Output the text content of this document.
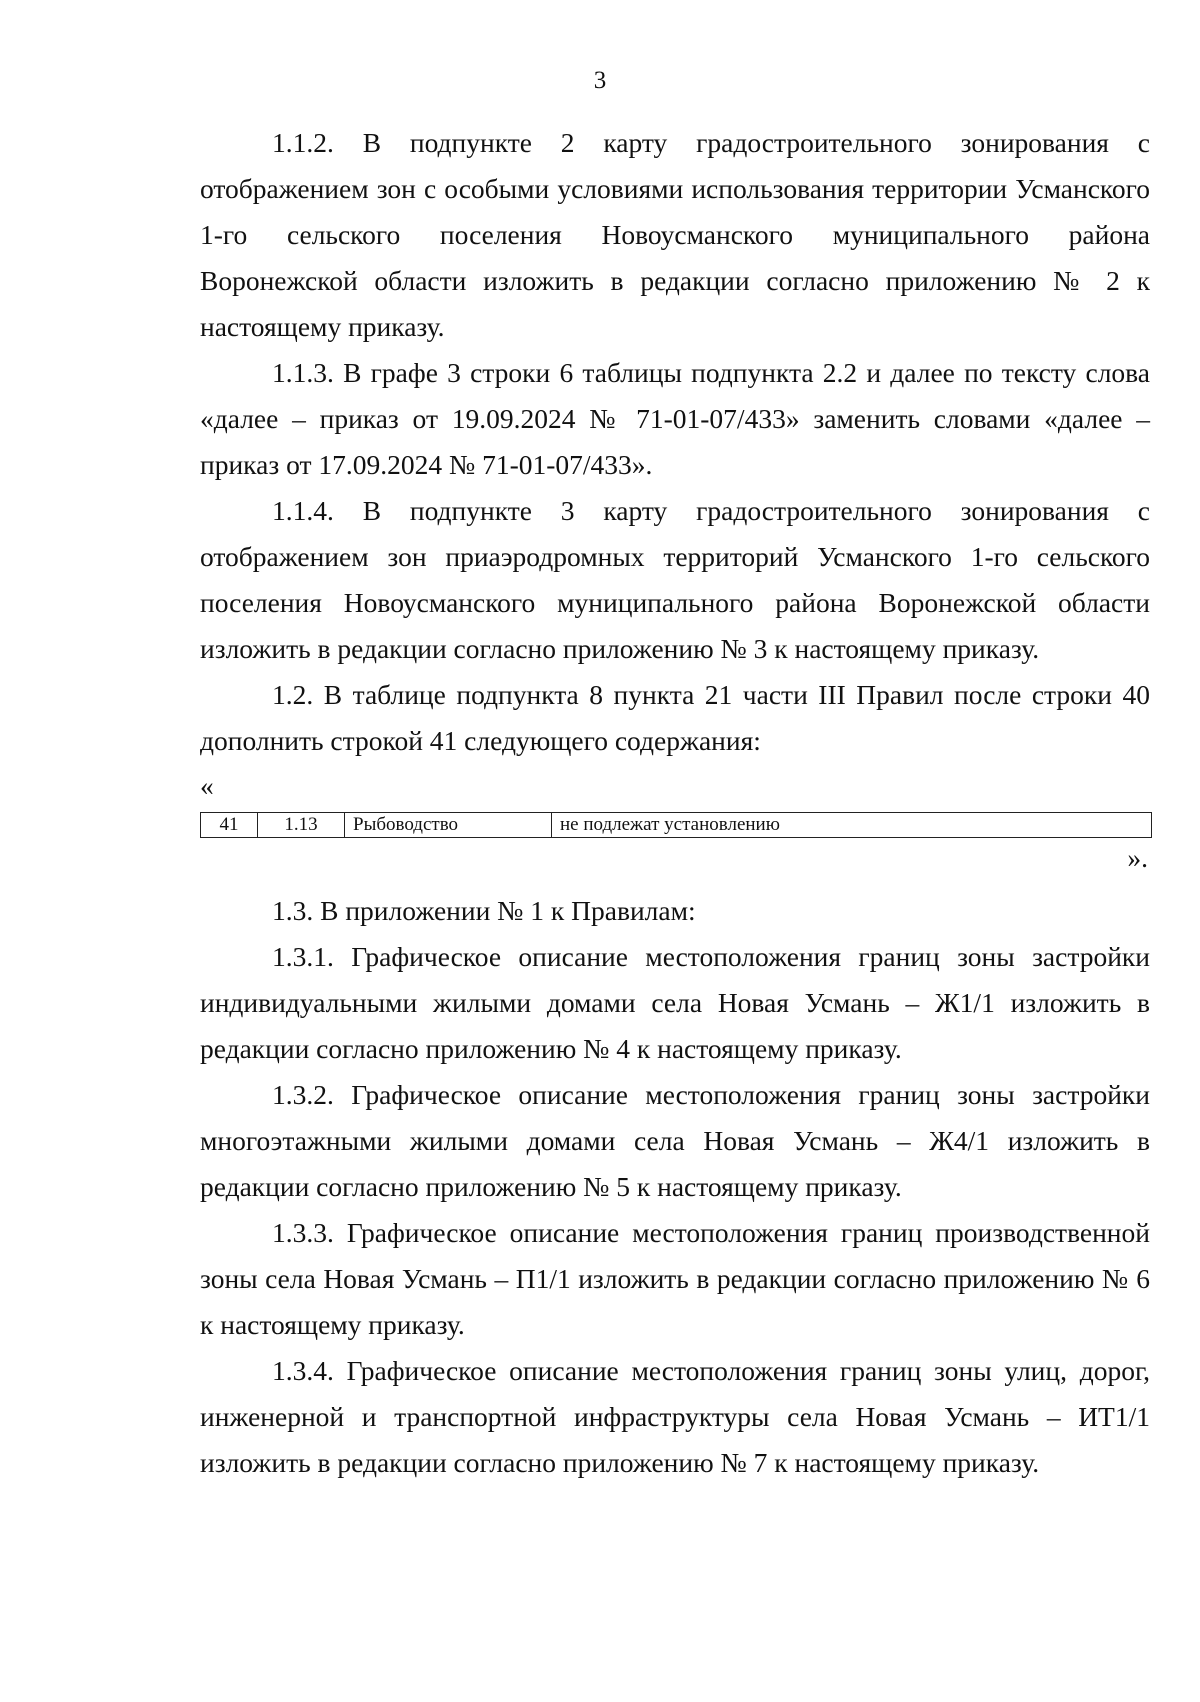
3

1.1.2. В подпункте 2 карту градостроительного зонирования с отображением зон с особыми условиями использования территории Усманского 1-го сельского поселения Новоусманского муниципального района Воронежской области изложить в редакции согласно приложению № 2 к настоящему приказу.

1.1.3. В графе 3 строки 6 таблицы подпункта 2.2 и далее по тексту слова «далее – приказ от 19.09.2024 № 71-01-07/433» заменить словами «далее – приказ от 17.09.2024 № 71-01-07/433».

1.1.4. В подпункте 3 карту градостроительного зонирования с отображением зон приаэродромных территорий Усманского 1-го сельского поселения Новоусманского муниципального района Воронежской области изложить в редакции согласно приложению № 3 к настоящему приказу.

1.2. В таблице подпункта 8 пункта 21 части III Правил после строки 40 дополнить строкой 41 следующего содержания:

«
41	1.13	Рыбоводство	не подлежат установлению
».

1.3. В приложении № 1 к Правилам:

1.3.1. Графическое описание местоположения границ зоны застройки индивидуальными жилыми домами села Новая Усмань – Ж1/1 изложить в редакции согласно приложению № 4 к настоящему приказу.

1.3.2. Графическое описание местоположения границ зоны застройки многоэтажными жилыми домами села Новая Усмань – Ж4/1 изложить в редакции согласно приложению № 5 к настоящему приказу.

1.3.3. Графическое описание местоположения границ производственной зоны села Новая Усмань – П1/1 изложить в редакции согласно приложению № 6 к настоящему приказу.

1.3.4. Графическое описание местоположения границ зоны улиц, дорог, инженерной и транспортной инфраструктуры села Новая Усмань – ИТ1/1 изложить в редакции согласно приложению № 7 к настоящему приказу.
